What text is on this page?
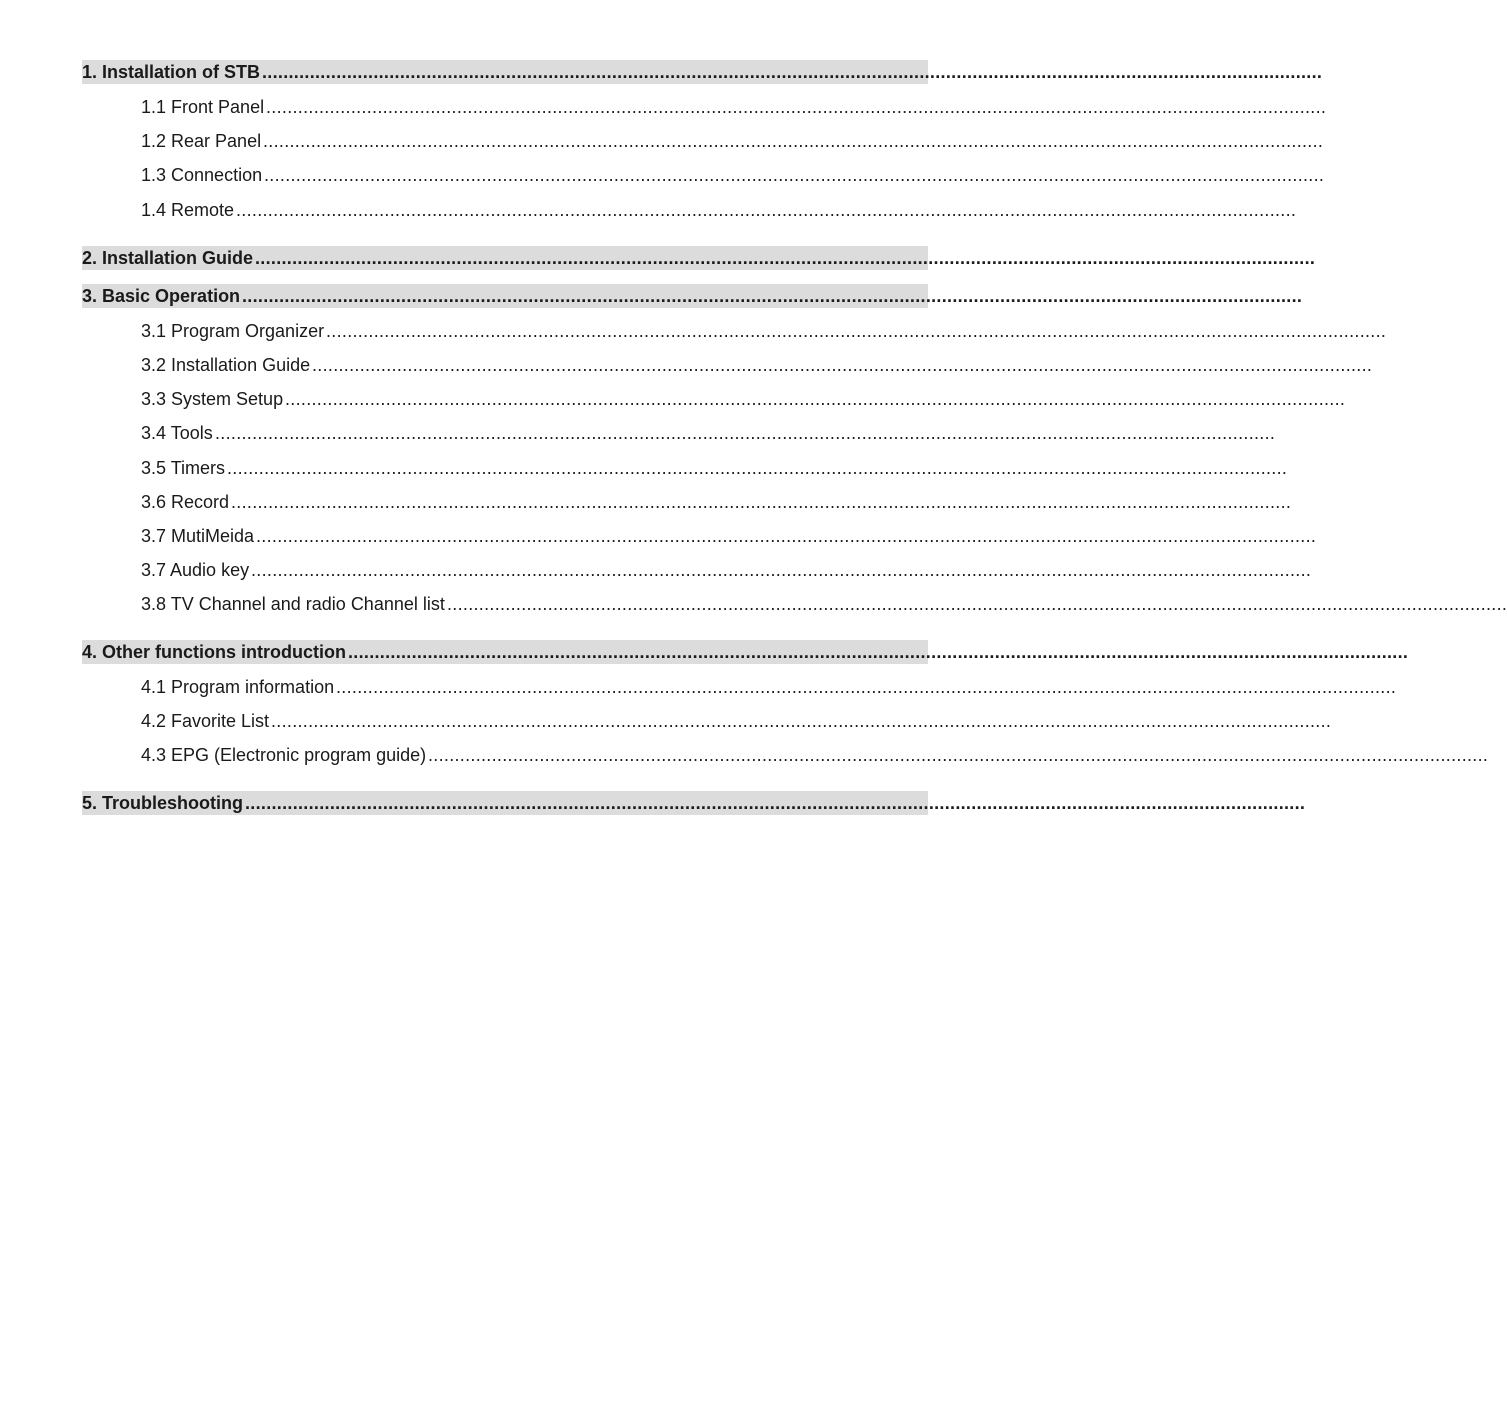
1. Installation of STB ........................................................................................................................................................................................................
1.1 Front Panel ........................................................................................................................................................................................................
1.2 Rear Panel ........................................................................................................................................................................................................
1.3 Connection ........................................................................................................................................................................................................
1.4 Remote ........................................................................................................................................................................................................
2. Installation Guide ........................................................................................................................................................................................................
3. Basic Operation ........................................................................................................................................................................................................
3.1 Program Organizer ........................................................................................................................................................................................................
3.2 Installation Guide ........................................................................................................................................................................................................
3.3 System Setup ........................................................................................................................................................................................................
3.4 Tools ........................................................................................................................................................................................................
3.5 Timers ........................................................................................................................................................................................................
3.6 Record ........................................................................................................................................................................................................
3.7 MutiMeida ........................................................................................................................................................................................................
3.7 Audio key ........................................................................................................................................................................................................
3.8 TV Channel and radio Channel list ........................................................................................................................................................................................................
4. Other functions introduction ........................................................................................................................................................................................................
4.1 Program information ........................................................................................................................................................................................................
4.2 Favorite List ........................................................................................................................................................................................................
4.3 EPG (Electronic program guide) ........................................................................................................................................................................................................
5. Troubleshooting ........................................................................................................................................................................................................
